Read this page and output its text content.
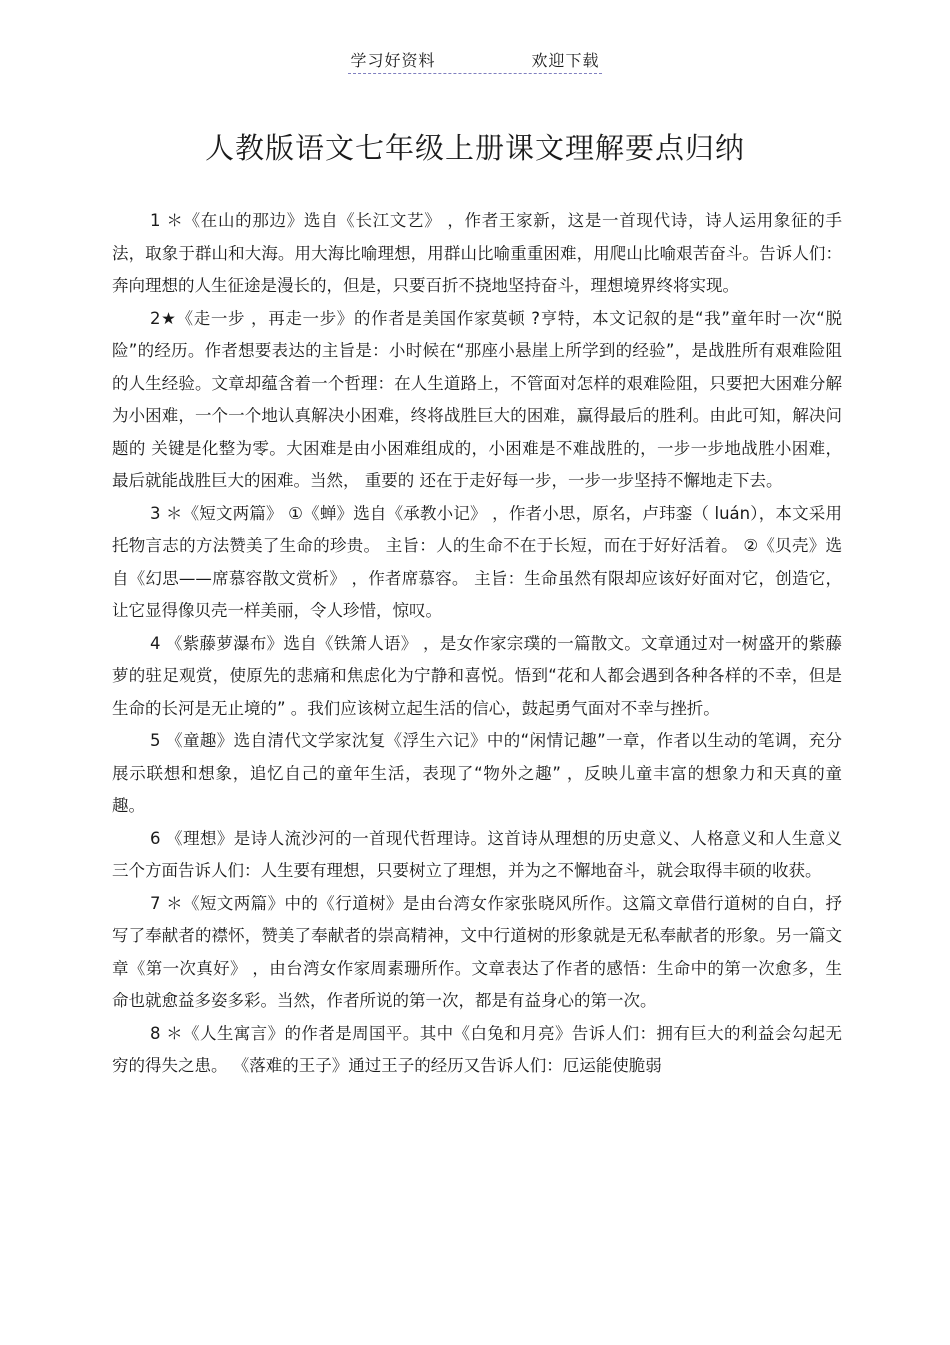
学习好资料	欢迎下载
人教版语文七年级上册课文理解要点归纳

1 ＊《在山的那边》选自《长江文艺》 ，作者王家新，这是一首现代诗，诗人运用象征的手法，取象于群山和大海。用大海比喻理想，用群山比喻重重困难，用爬山比喻艰苦奋斗。告诉人们：奔向理想的人生征途是漫长的，但是，只要百折不挠地坚持奋斗，理想境界终将实现。

2★《走一步 ，再走一步》的作者是美国作家莫顿 ?亨特，本文记叙的是“我”童年时一次“脱险”的经历。作者想要表达的主旨是：小时候在“那座小悬崖上所学到的经验”，是战胜所有艰难险阻的人生经验。文章却蕴含着一个哲理：在人生道路上，不管面对怎样的艰难险阻，只要把大困难分解为小困难，一个一个地认真解决小困难，终将战胜巨大的困难，赢得最后的胜利。由此可知，解决问题的 关键是化整为零。大困难是由小困难组成的，小困难是不难战胜的，一步一步地战胜小困难，最后就能战胜巨大的困难。当然， 重要的 还在于走好每一步，一步一步坚持不懈地走下去。

3 ＊《短文两篇》 ①《蝉》选自《承教小记》 ，作者小思，原名，卢玮銮（ luán），本文采用托物言志的方法赞美了生命的珍贵。 主旨：人的生命不在于长短，而在于好好活着。 ②《贝壳》选自《幻思——席慕容散文赏析》 ，作者席慕容。 主旨：生命虽然有限却应该好好面对它，创造它，让它显得像贝壳一样美丽，令人珍惜，惊叹。

4 《紫藤萝瀑布》选自《铁箫人语》 ，是女作家宗璞的一篇散文。文章通过对一树盛开的紫藤萝的驻足观赏，使原先的悲痛和焦虑化为宁静和喜悦。悟到“花和人都会遇到各种各样的不幸，但是生命的长河是无止境的” 。我们应该树立起生活的信心，鼓起勇气面对不幸与挫折。

5 《童趣》选自清代文学家沈复《浮生六记》中的“闲情记趣”一章，作者以生动的笔调，充分展示联想和想象，追忆自己的童年生活，表现了“物外之趣” ，反映儿童丰富的想象力和天真的童趣。

6 《理想》是诗人流沙河的一首现代哲理诗。这首诗从理想的历史意义、人格意义和人生意义三个方面告诉人们：人生要有理想，只要树立了理想，并为之不懈地奋斗，就会取得丰硕的收获。

7 ＊《短文两篇》中的《行道树》是由台湾女作家张晓风所作。这篇文章借行道树的自白，抒写了奉献者的襟怀，赞美了奉献者的崇高精神，文中行道树的形象就是无私奉献者的形象。另一篇文章《第一次真好》 ，由台湾女作家周素珊所作。文章表达了作者的感悟：生命中的第一次愈多，生命也就愈益多姿多彩。当然，作者所说的第一次，都是有益身心的第一次。

8 ＊《人生寓言》的作者是周国平。其中《白兔和月亮》告诉人们：拥有巨大的利益会勾起无穷的得失之患。 《落难的王子》通过王子的经历又告诉人们：厄运能使脆弱
